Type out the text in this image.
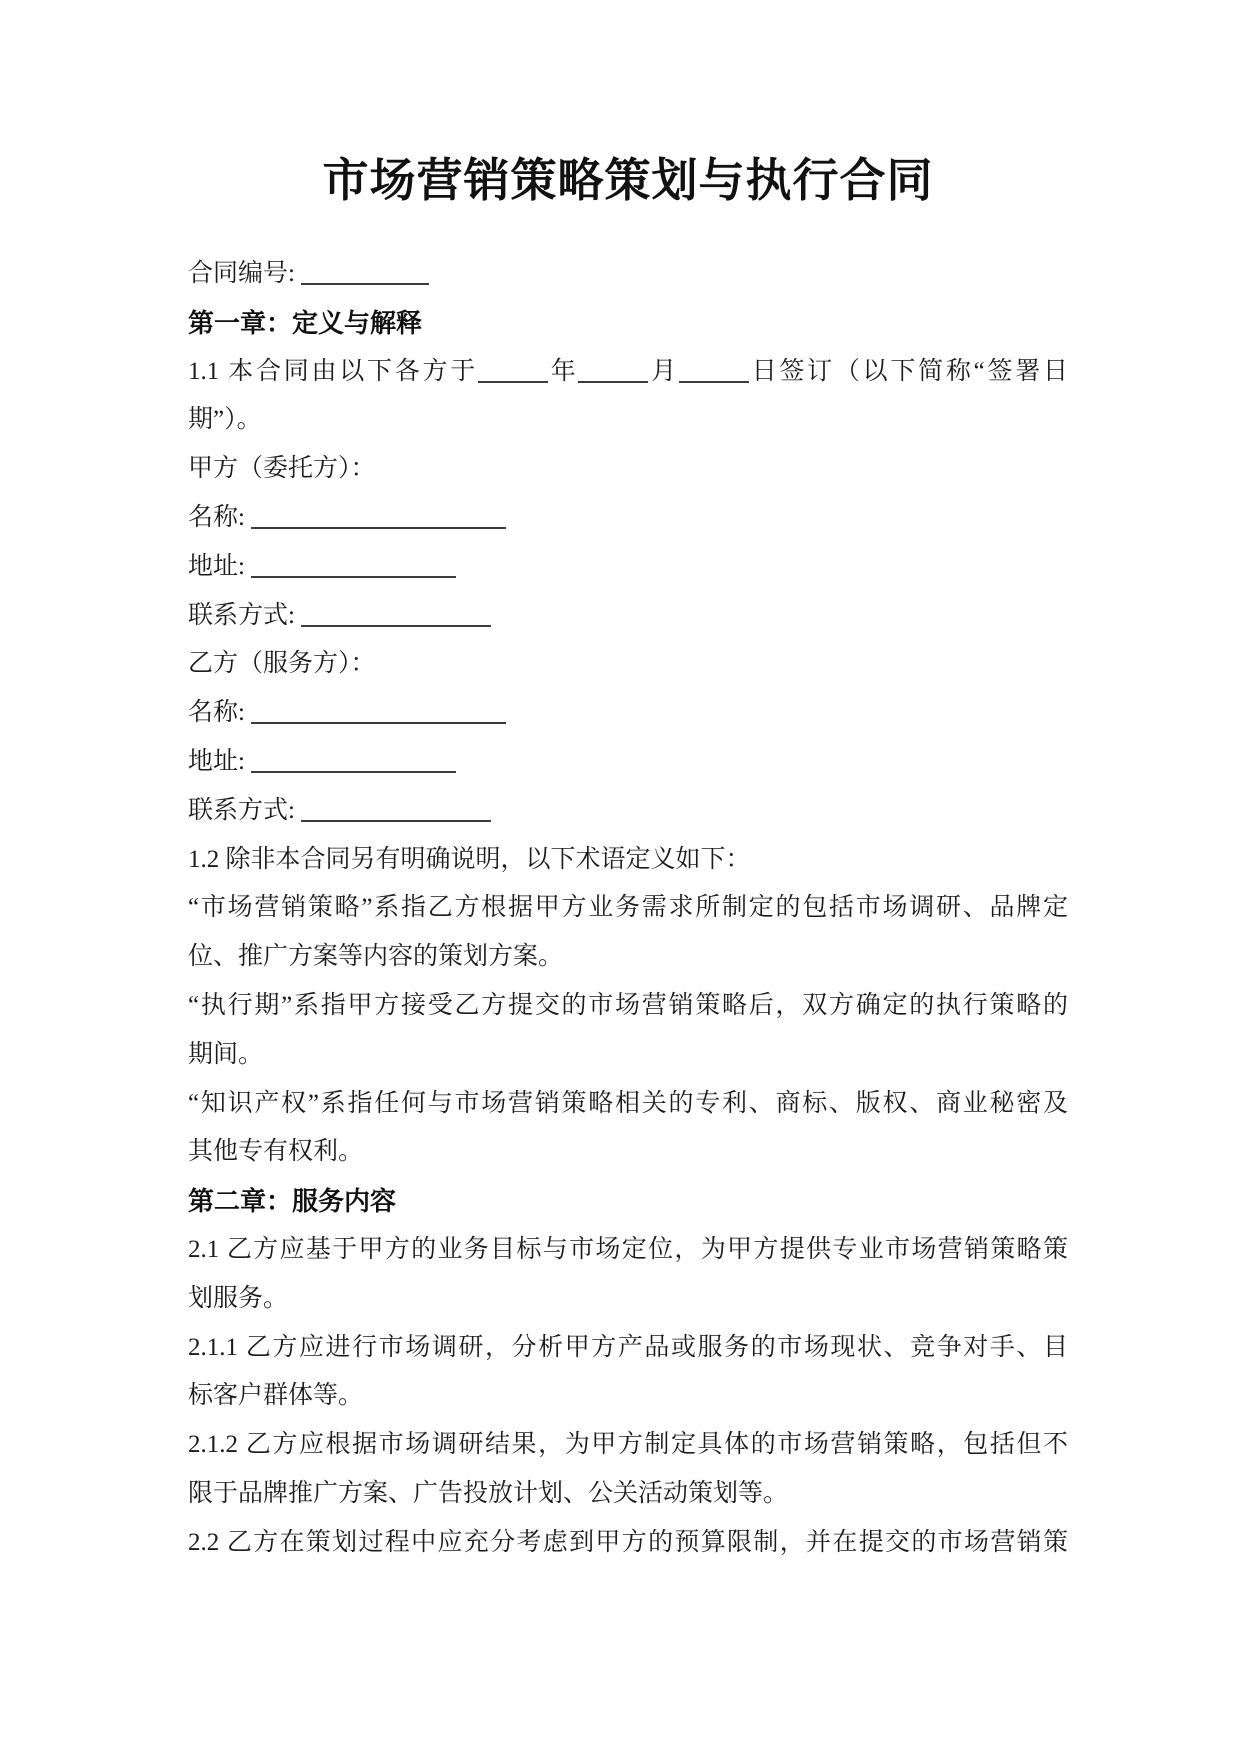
市场营销策略策划与执行合同
合同编号:
第一章：定义与解释
1.1 本合同由以下各方于	年	月	日签订（以下简称“签署日
期”）。
甲方（委托方）：
名称:
地址:
联系方式:
乙方（服务方）：
名称:
地址:
联系方式:
1.2 除非本合同另有明确说明，以下术语定义如下：
“市场营销策略”系指乙方根据甲方业务需求所制定的包括市场调研、品牌定
位、推广方案等内容的策划方案。
“执行期”系指甲方接受乙方提交的市场营销策略后，双方确定的执行策略的
期间。
“知识产权”系指任何与市场营销策略相关的专利、商标、版权、商业秘密及
其他专有权利。
第二章：服务内容
2.1 乙方应基于甲方的业务目标与市场定位，为甲方提供专业市场营销策略策
划服务。
2.1.1 乙方应进行市场调研，分析甲方产品或服务的市场现状、竞争对手、目
标客户群体等。
2.1.2 乙方应根据市场调研结果，为甲方制定具体的市场营销策略，包括但不
限于品牌推广方案、广告投放计划、公关活动策划等。
2.2 乙方在策划过程中应充分考虑到甲方的预算限制，并在提交的市场营销策
